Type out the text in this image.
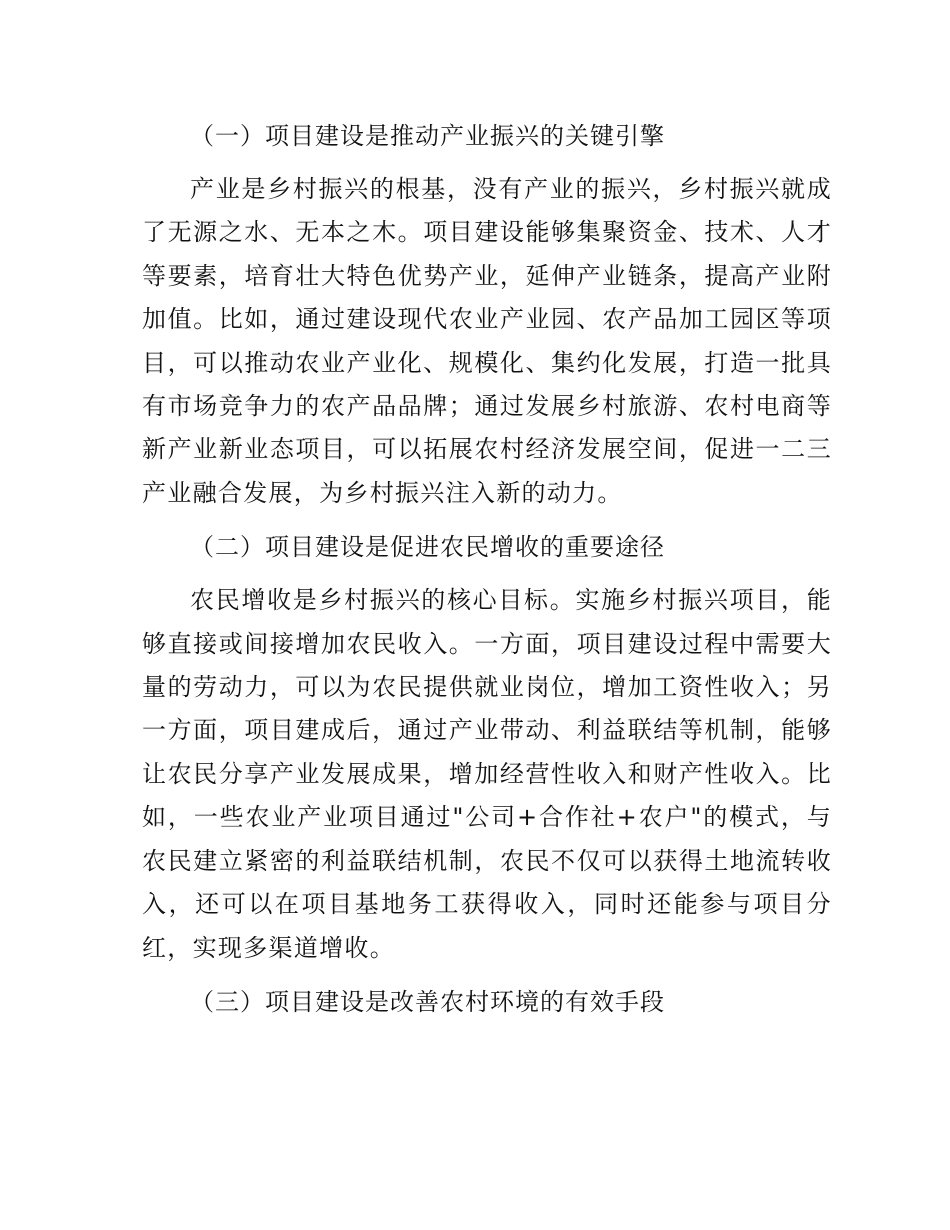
（一）项目建设是推动产业振兴的关键引擎

产业是乡村振兴的根基，没有产业的振兴，乡村振兴就成了无源之水、无本之木。项目建设能够集聚资金、技术、人才等要素，培育壮大特色优势产业，延伸产业链条，提高产业附加值。比如，通过建设现代农业产业园、农产品加工园区等项目，可以推动农业产业化、规模化、集约化发展，打造一批具有市场竞争力的农产品品牌；通过发展乡村旅游、农村电商等新产业新业态项目，可以拓展农村经济发展空间，促进一二三产业融合发展，为乡村振兴注入新的动力。

（二）项目建设是促进农民增收的重要途径

农民增收是乡村振兴的核心目标。实施乡村振兴项目，能够直接或间接增加农民收入。一方面，项目建设过程中需要大量的劳动力，可以为农民提供就业岗位，增加工资性收入；另一方面，项目建成后，通过产业带动、利益联结等机制，能够让农民分享产业发展成果，增加经营性收入和财产性收入。比如，一些农业产业项目通过"公司+合作社+农户"的模式，与农民建立紧密的利益联结机制，农民不仅可以获得土地流转收入，还可以在项目基地务工获得收入，同时还能参与项目分红，实现多渠道增收。

（三）项目建设是改善农村环境的有效手段
